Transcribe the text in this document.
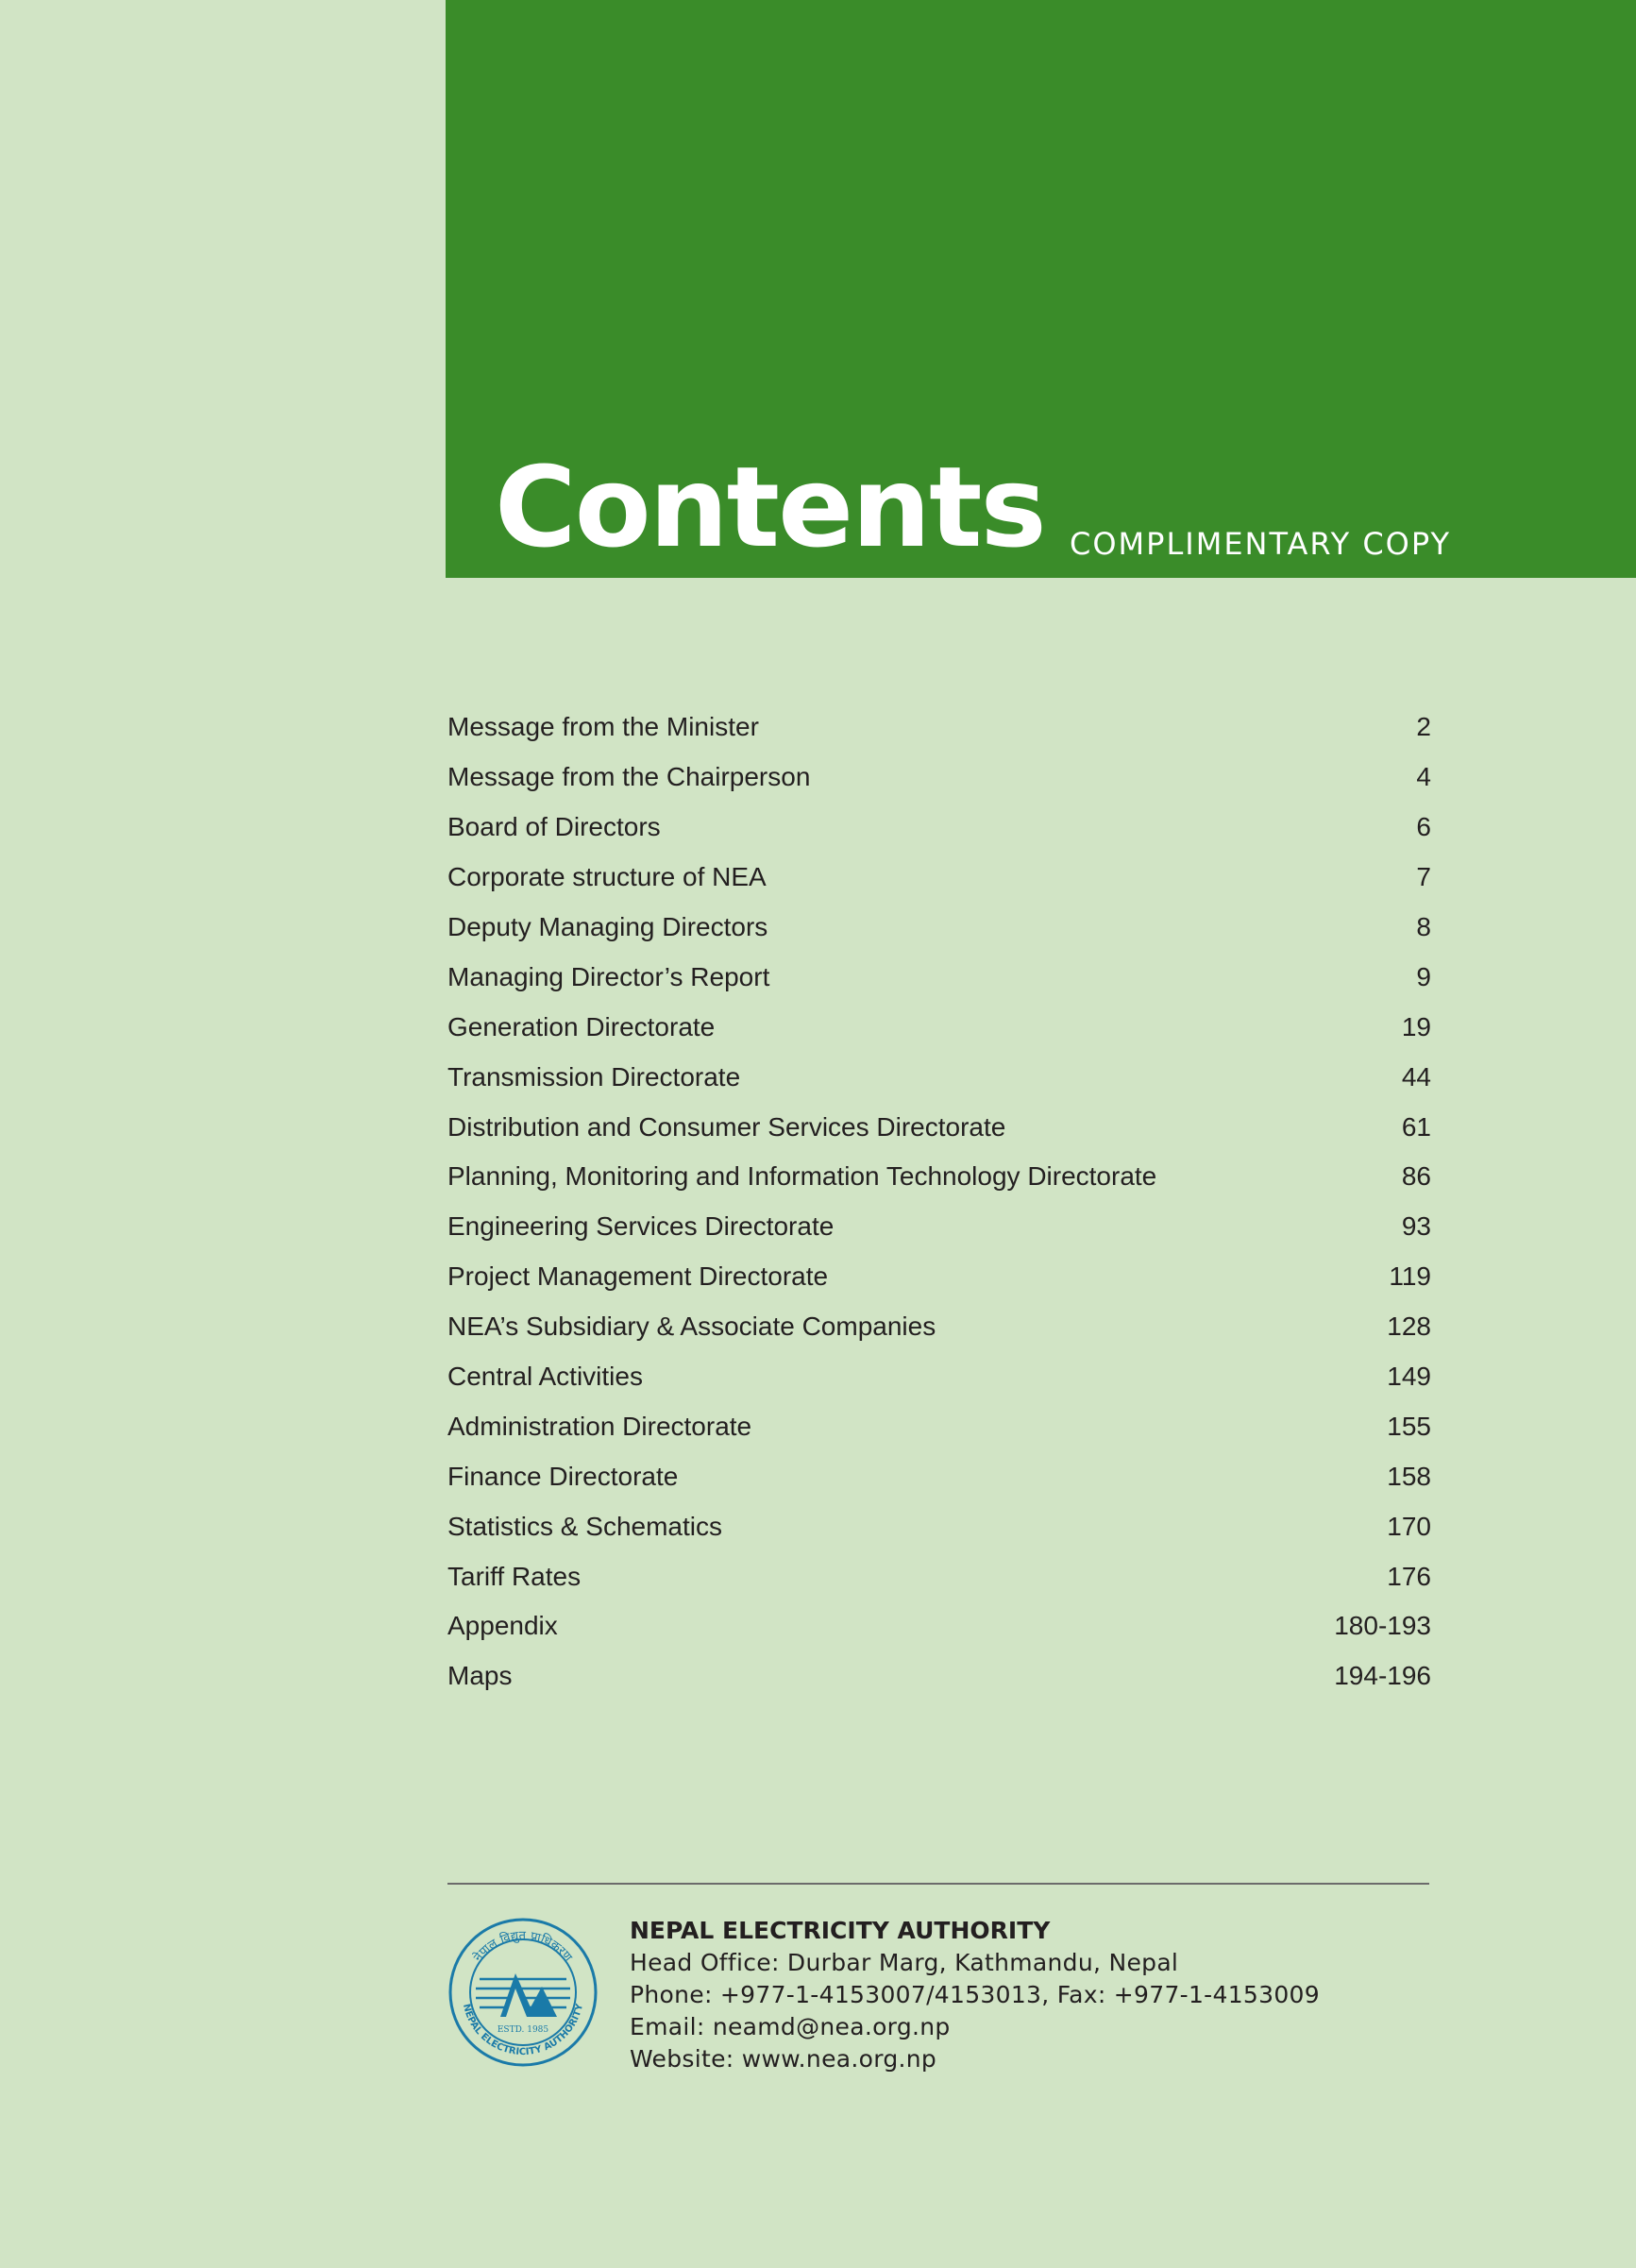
Contents COMPLIMENTARY COPY
Message from the Minister	2
Message from the Chairperson	4
Board of Directors	6
Corporate structure of NEA	7
Deputy Managing Directors	8
Managing Director’s Report	9
Generation Directorate	19
Transmission Directorate	44
Distribution and Consumer Services Directorate	61
Planning, Monitoring and Information Technology Directorate	86
Engineering Services Directorate	93
Project Management Directorate	119
NEA’s Subsidiary & Associate Companies	128
Central Activities	149
Administration Directorate	155
Finance Directorate	158
Statistics & Schematics	170
Tariff Rates	176
Appendix	180-193
Maps	194-196
नेपाल विद्युत प्राधिकरण
NEPAL ELECTRICITY AUTHORITY
ESTD. 1985
NEPAL ELECTRICITY AUTHORITY
Head Office: Durbar Marg, Kathmandu, Nepal
Phone: +977-1-4153007/4153013, Fax: +977-1-4153009
Email: neamd@nea.org.np
Website: www.nea.org.np
